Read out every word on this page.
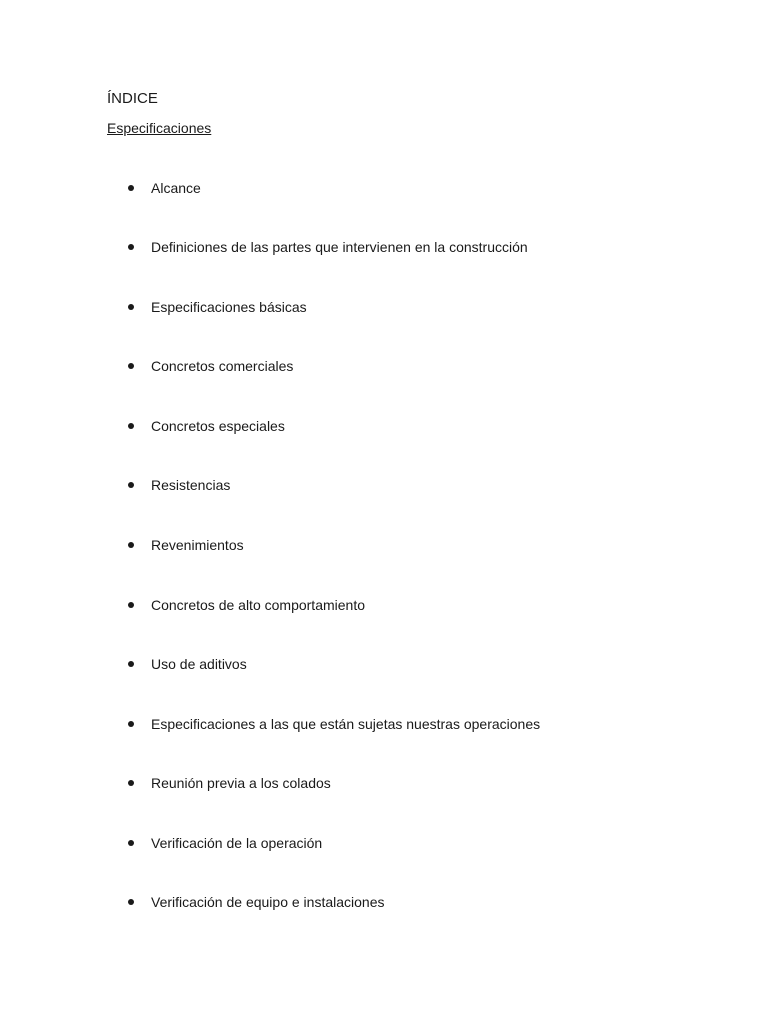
ÍNDICE
Especificaciones
Alcance
Definiciones de las partes que intervienen en la construcción
Especificaciones básicas
Concretos comerciales
Concretos especiales
Resistencias
Revenimientos
Concretos de alto comportamiento
Uso de aditivos
Especificaciones a las que están sujetas nuestras operaciones
Reunión previa a los colados
Verificación de la operación
Verificación de equipo e instalaciones
